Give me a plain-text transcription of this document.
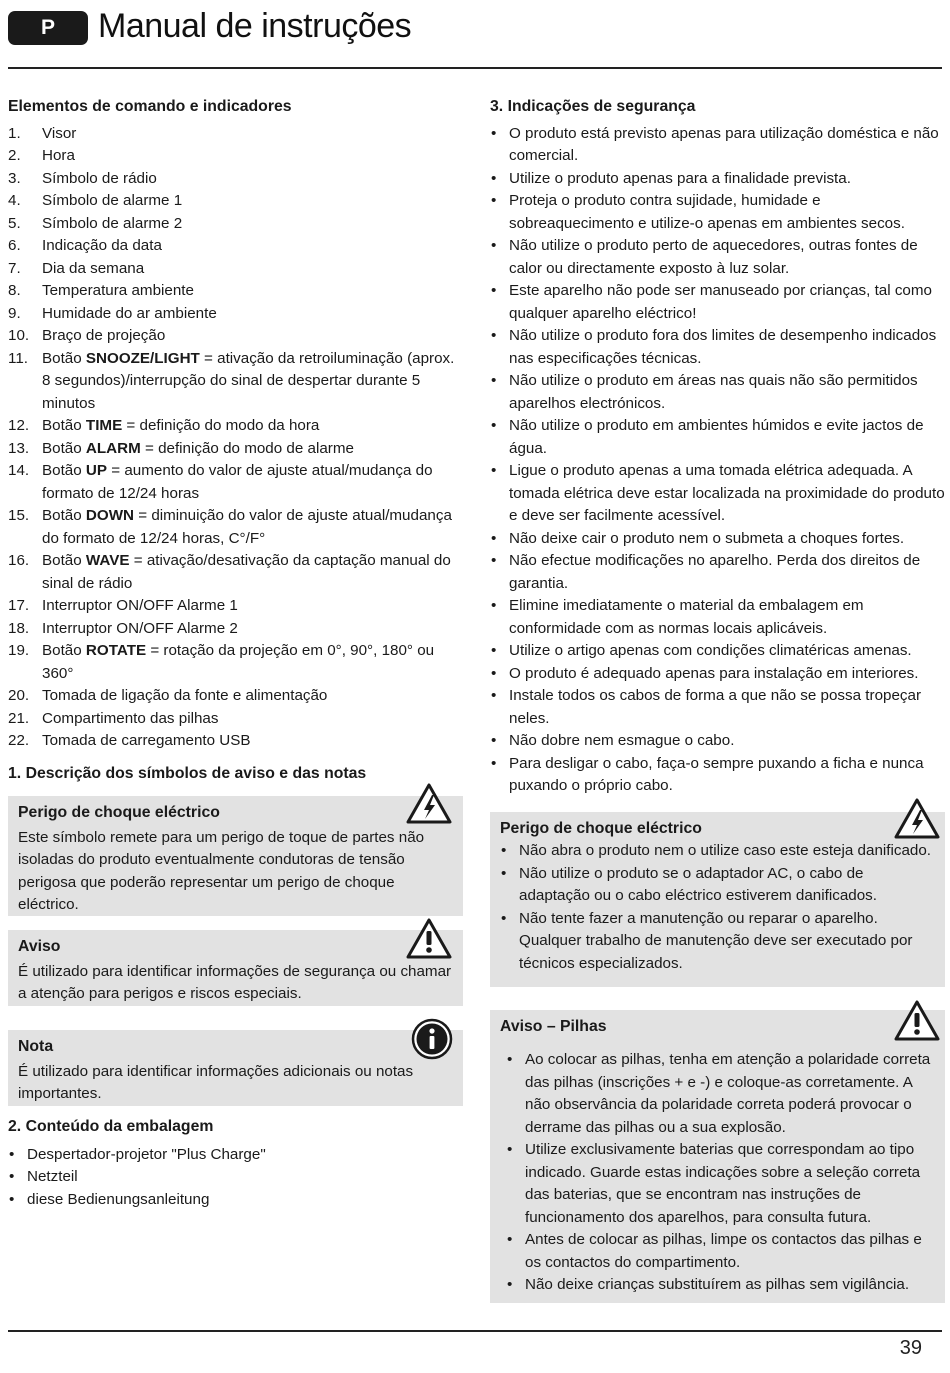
P	Manual de instruções
Elementos de comando e indicadores
1. Visor
2. Hora
3. Símbolo de rádio
4. Símbolo de alarme 1
5. Símbolo de alarme 2
6. Indicação da data
7. Dia da semana
8. Temperatura ambiente
9. Humidade do ar ambiente
10. Braço de projeção
11. Botão SNOOZE/LIGHT = ativação da retroiluminação (aprox. 8 segundos)/interrupção do sinal de despertar durante 5 minutos
12. Botão TIME = definição do modo da hora
13. Botão ALARM = definição do modo de alarme
14. Botão UP = aumento do valor de ajuste atual/mudança do formato de 12/24 horas
15. Botão DOWN = diminuição do valor de ajuste atual/mudança do formato de 12/24 horas, C°/F°
16. Botão WAVE = ativação/desativação da captação manual do sinal de rádio
17. Interruptor ON/OFF Alarme 1
18. Interruptor ON/OFF Alarme 2
19. Botão ROTATE = rotação da projeção em 0°, 90°, 180° ou 360°
20. Tomada de ligação da fonte e alimentação
21. Compartimento das pilhas
22. Tomada de carregamento USB
1. Descrição dos símbolos de aviso e das notas
Perigo de choque eléctrico
Este símbolo remete para um perigo de toque de partes não isoladas do produto eventualmente condutoras de tensão perigosa que poderão representar um perigo de choque eléctrico.
Aviso
É utilizado para identificar informações de segurança ou chamar a atenção para perigos e riscos especiais.
Nota
É utilizado para identificar informações adicionais ou notas importantes.
2. Conteúdo da embalagem
• Despertador-projetor "Plus Charge"
• Netzteil
• diese Bedienungsanleitung
3. Indicações de segurança
• O produto está previsto apenas para utilização doméstica e não comercial.
• Utilize o produto apenas para a finalidade prevista.
• Proteja o produto contra sujidade, humidade e sobreaquecimento e utilize-o apenas em ambientes secos.
• Não utilize o produto perto de aquecedores, outras fontes de calor ou directamente exposto à luz solar.
• Este aparelho não pode ser manuseado por crianças, tal como qualquer aparelho eléctrico!
• Não utilize o produto fora dos limites de desempenho indicados nas especificações técnicas.
• Não utilize o produto em áreas nas quais não são permitidos aparelhos electrónicos.
• Não utilize o produto em ambientes húmidos e evite jactos de água.
• Ligue o produto apenas a uma tomada elétrica adequada. A tomada elétrica deve estar localizada na proximidade do produto e deve ser facilmente acessível.
• Não deixe cair o produto nem o submeta a choques fortes.
• Não efectue modificações no aparelho. Perda dos direitos de garantia.
• Elimine imediatamente o material da embalagem em conformidade com as normas locais aplicáveis.
• Utilize o artigo apenas com condições climatéricas amenas.
• O produto é adequado apenas para instalação em interiores.
• Instale todos os cabos de forma a que não se possa tropeçar neles.
• Não dobre nem esmague o cabo.
• Para desligar o cabo, faça-o sempre puxando a ficha e nunca puxando o próprio cabo.
Perigo de choque eléctrico
• Não abra o produto nem o utilize caso este esteja danificado.
• Não utilize o produto se o adaptador AC, o cabo de adaptação ou o cabo eléctrico estiverem danificados.
• Não tente fazer a manutenção ou reparar o aparelho. Qualquer trabalho de manutenção deve ser executado por técnicos especializados.
Aviso – Pilhas
• Ao colocar as pilhas, tenha em atenção a polaridade correta das pilhas (inscrições + e -) e coloque-as corretamente. A não observância da polaridade correta poderá provocar o derrame das pilhas ou a sua explosão.
• Utilize exclusivamente baterias que correspondam ao tipo indicado. Guarde estas indicações sobre a seleção correta das baterias, que se encontram nas instruções de funcionamento dos aparelhos, para consulta futura.
• Antes de colocar as pilhas, limpe os contactos das pilhas e os contactos do compartimento.
• Não deixe crianças substituírem as pilhas sem vigilância.
39
